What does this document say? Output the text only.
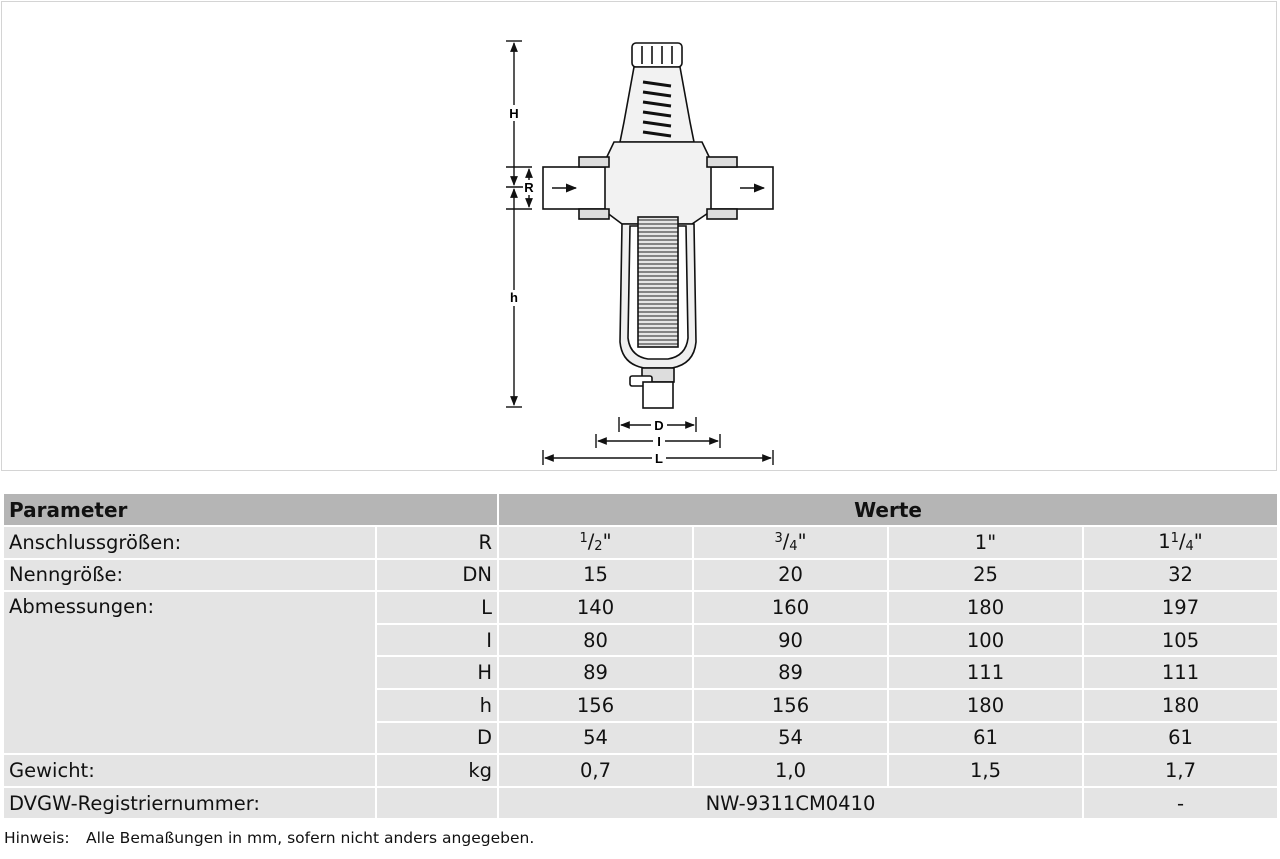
H
R
h
D
I
L
Parameter		Werte			
Anschlussgrößen:	R	$^1/_2$"	$^3/_4$"	1"	$1^1/_4$"
Nenngröße:	DN	15	20	25	32
Abmessungen:	L	140	160	180	197
	I	80	90	100	105
	H	89	89	111	111
	h	156	156	180	180
	D	54	54	61	61
Gewicht:	kg	0,7	1,0	1,5	1,7
DVGW-Registriernummer:		NW-9311CM0410			-
Hinweis: Alle Bemaßungen in mm, sofern nicht anders angegeben.
